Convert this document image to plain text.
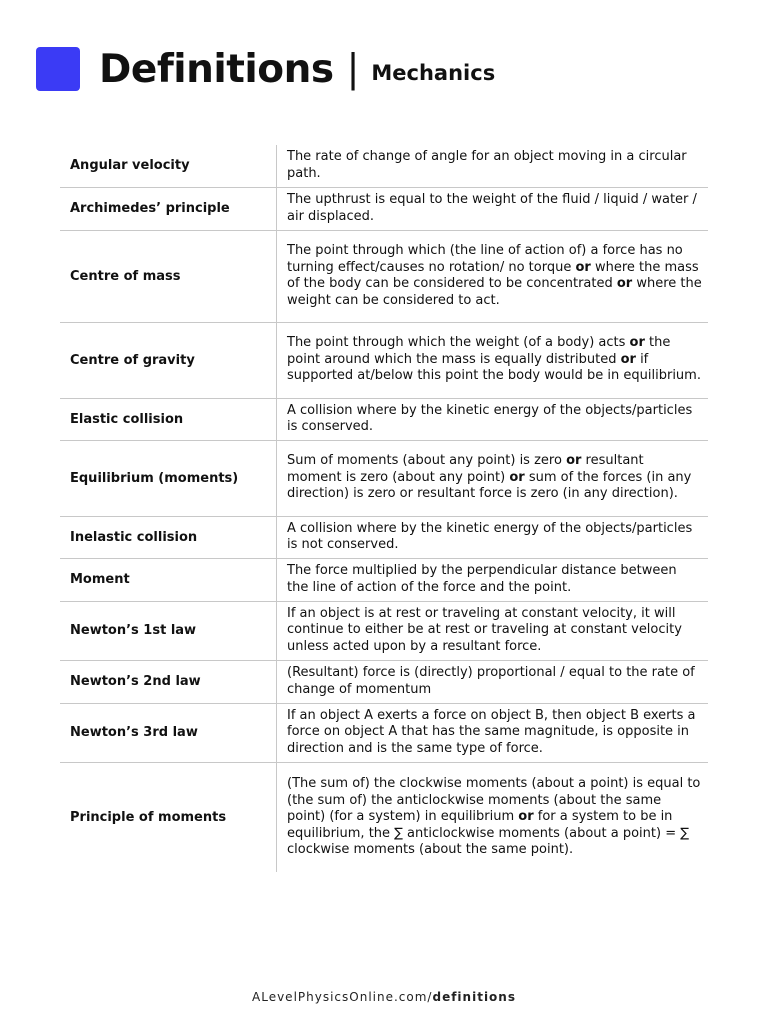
Definitions | Mechanics
Angular velocity	The rate of change of angle for an object moving in a circular path.
Archimedes’ principle	The upthrust is equal to the weight of the fluid / liquid / water / air displaced.
Centre of mass	The point through which (the line of action of) a force has no turning effect/causes no rotation/ no torque or where the mass of the body can be considered to be concentrated or where the weight can be considered to act.
Centre of gravity	The point through which the weight (of a body) acts or the point around which the mass is equally distributed or if supported at/below this point the body would be in equilibrium.
Elastic collision	A collision where by the kinetic energy of the objects/particles is conserved.
Equilibrium (moments)	Sum of moments (about any point) is zero or resultant moment is zero (about any point) or sum of the forces (in any direction) is zero or resultant force is zero (in any direction).
Inelastic collision	A collision where by the kinetic energy of the objects/particles is not conserved.
Moment	The force multiplied by the perpendicular distance between the line of action of the force and the point.
Newton’s 1st law	If an object is at rest or traveling at constant velocity, it will continue to either be at rest or traveling at constant velocity unless acted upon by a resultant force.
Newton’s 2nd law	(Resultant) force is (directly) proportional / equal to the rate of change of momentum
Newton’s 3rd law	If an object A exerts a force on object B, then object B exerts a force on object A that has the same magnitude, is opposite in direction and is the same type of force.
Principle of moments	(The sum of) the clockwise moments (about a point) is equal to (the sum of) the anticlockwise moments (about the same point) (for a system) in equilibrium or for a system to be in equilibrium, the ∑ anticlockwise moments (about a point) = ∑ clockwise moments (about the same point).
ALevelPhysicsOnline.com/definitions
